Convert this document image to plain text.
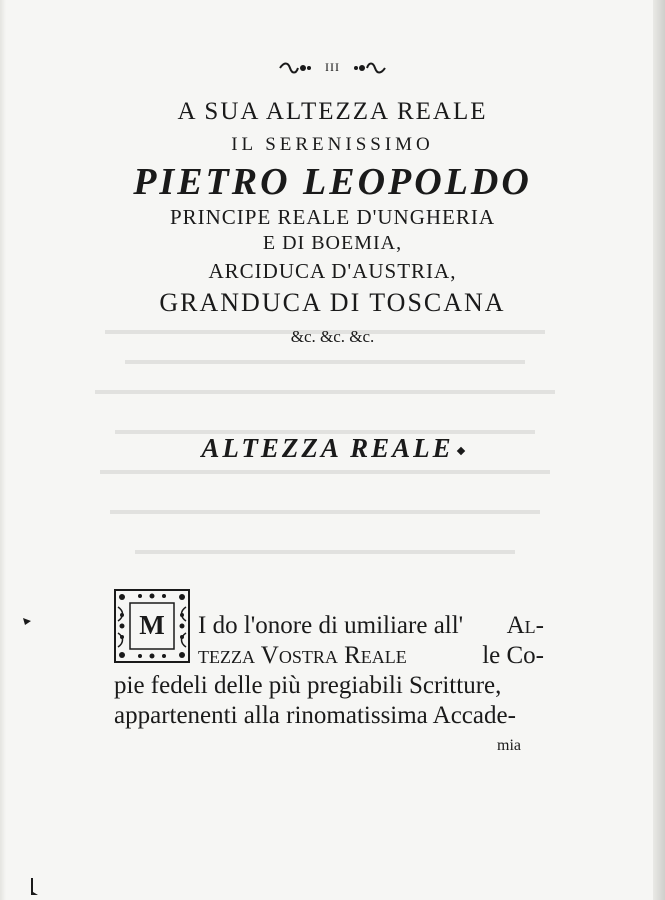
III
A SUA ALTEZZA REALE
IL SERENISSIMO
PIETRO LEOPOLDO
PRINCIPE REALE D'UNGHERIA
E DI BOEMIA,
ARCIDUCA D'AUSTRIA,
GRANDUCA DI TOSCANA
&c. &c. &c.
ALTEZZA REALE
M I do l'onore di umiliare all' Al-
tezza Vostra Reale	le Co-
pie fedeli delle più pregiabili Scritture,
appartenenti alla rinomatissima Accade-
mia
